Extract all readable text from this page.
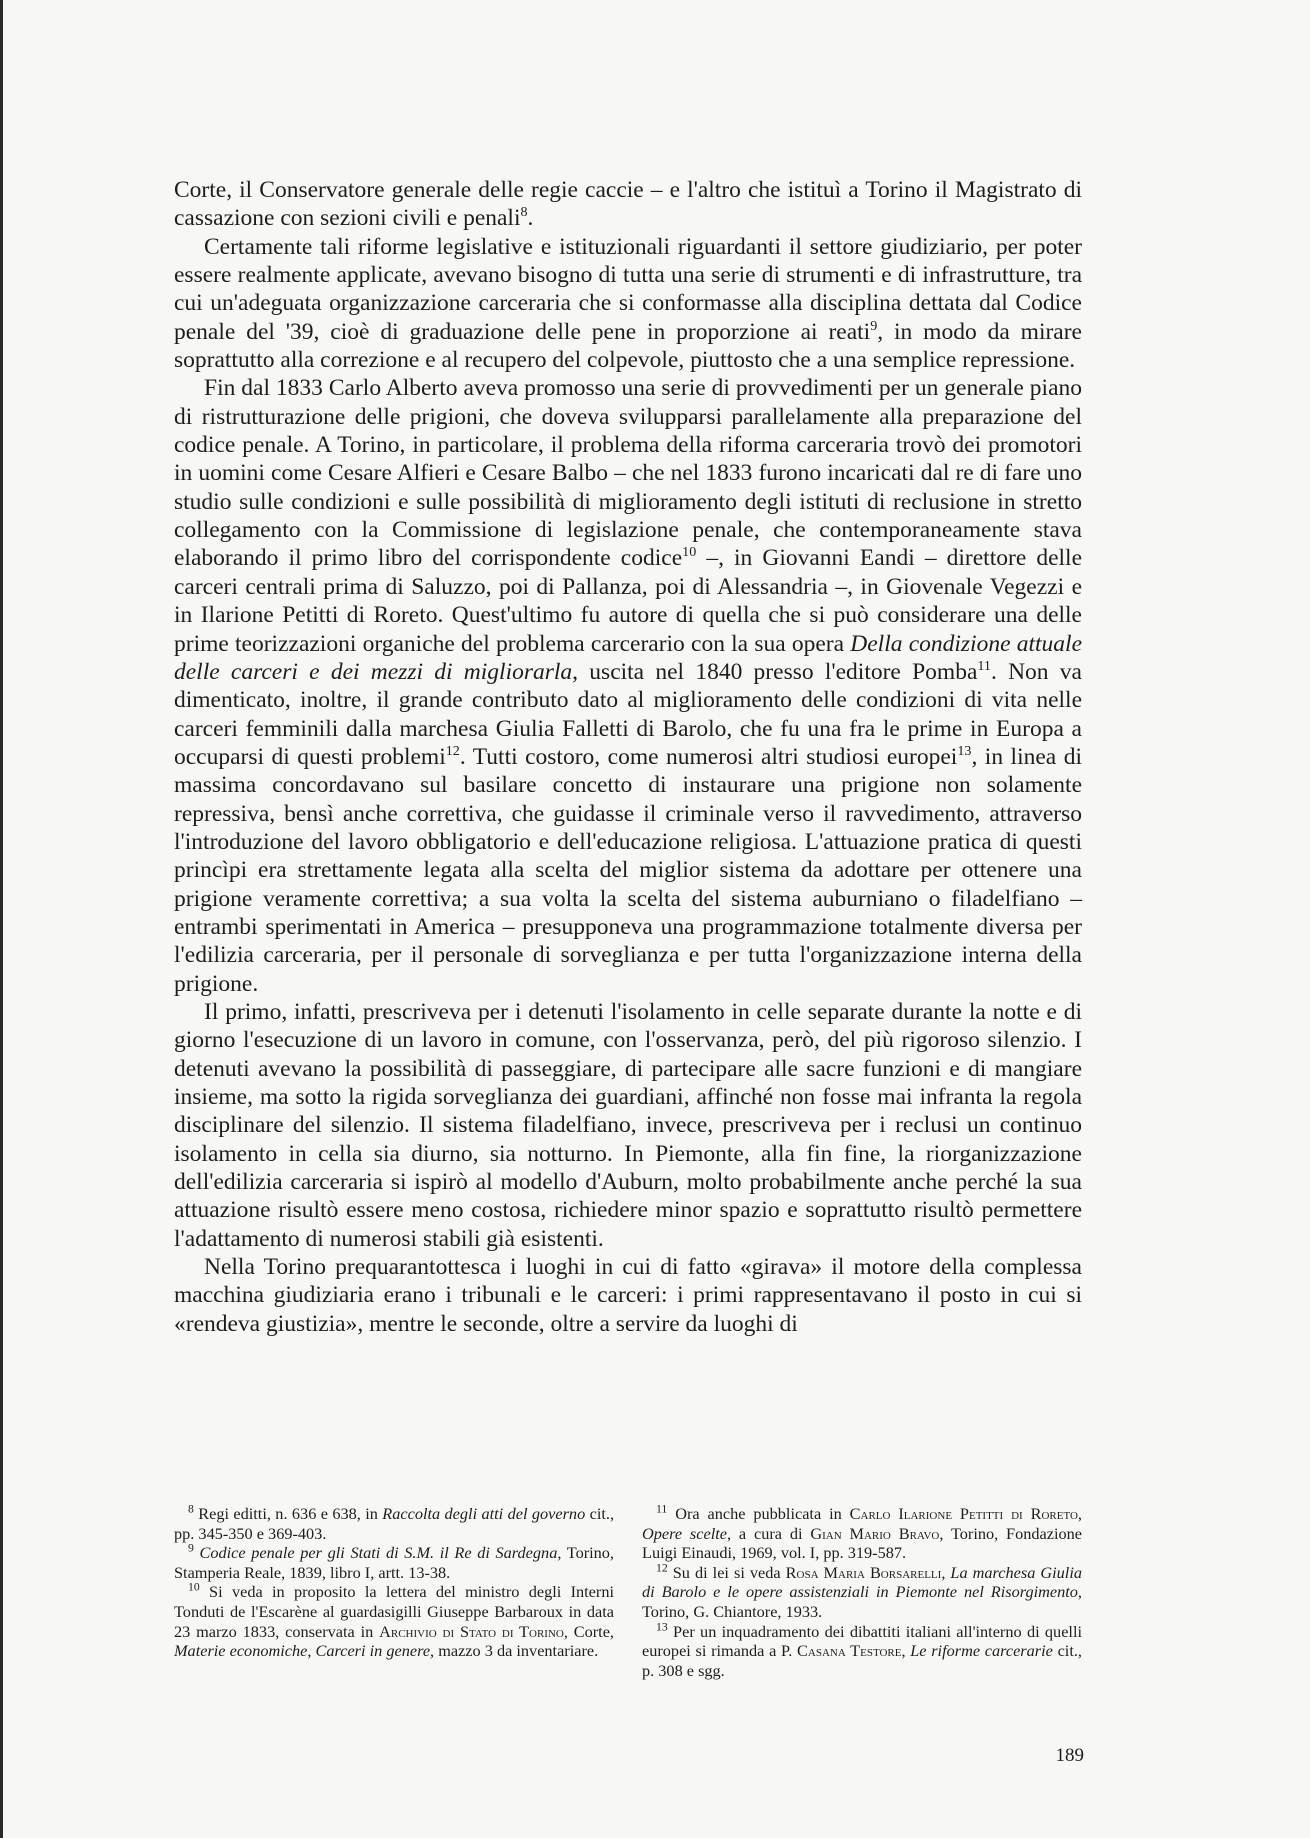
Corte, il Conservatore generale delle regie caccie – e l'altro che istituì a Torino il Magistrato di cassazione con sezioni civili e penali$^8$.

Certamente tali riforme legislative e istituzionali riguardanti il settore giudiziario, per poter essere realmente applicate, avevano bisogno di tutta una serie di strumenti e di infrastrutture, tra cui un'adeguata organizzazione carceraria che si conformasse alla disciplina dettata dal Codice penale del '39, cioè di graduazione delle pene in proporzione ai reati$^9$, in modo da mirare soprattutto alla correzione e al recupero del colpevole, piuttosto che a una semplice repressione.

Fin dal 1833 Carlo Alberto aveva promosso una serie di provvedimenti per un generale piano di ristrutturazione delle prigioni, che doveva svilupparsi parallelamente alla preparazione del codice penale. A Torino, in particolare, il problema della riforma carceraria trovò dei promotori in uomini come Cesare Alfieri e Cesare Balbo – che nel 1833 furono incaricati dal re di fare uno studio sulle condizioni e sulle possibilità di miglioramento degli istituti di reclusione in stretto collegamento con la Commissione di legislazione penale, che contemporaneamente stava elaborando il primo libro del corrispondente codice$^{10}$ –, in Giovanni Eandi – direttore delle carceri centrali prima di Saluzzo, poi di Pallanza, poi di Alessandria –, in Giovenale Vegezzi e in Ilarione Petitti di Roreto. Quest'ultimo fu autore di quella che si può considerare una delle prime teorizzazioni organiche del problema carcerario con la sua opera Della condizione attuale delle carceri e dei mezzi di migliorarla, uscita nel 1840 presso l'editore Pomba$^{11}$. Non va dimenticato, inoltre, il grande contributo dato al miglioramento delle condizioni di vita nelle carceri femminili dalla marchesa Giulia Falletti di Barolo, che fu una fra le prime in Europa a occuparsi di questi problemi$^{12}$. Tutti costoro, come numerosi altri studiosi europei$^{13}$, in linea di massima concordavano sul basilare concetto di instaurare una prigione non solamente repressiva, bensì anche correttiva, che guidasse il criminale verso il ravvedimento, attraverso l'introduzione del lavoro obbligatorio e dell'educazione religiosa. L'attuazione pratica di questi princìpi era strettamente legata alla scelta del miglior sistema da adottare per ottenere una prigione veramente correttiva; a sua volta la scelta del sistema auburniano o filadelfiano – entrambi sperimentati in America – presupponeva una programmazione totalmente diversa per l'edilizia carceraria, per il personale di sorveglianza e per tutta l'organizzazione interna della prigione.

Il primo, infatti, prescriveva per i detenuti l'isolamento in celle separate durante la notte e di giorno l'esecuzione di un lavoro in comune, con l'osservanza, però, del più rigoroso silenzio. I detenuti avevano la possibilità di passeggiare, di partecipare alle sacre funzioni e di mangiare insieme, ma sotto la rigida sorveglianza dei guardiani, affinché non fosse mai infranta la regola disciplinare del silenzio. Il sistema filadelfiano, invece, prescriveva per i reclusi un continuo isolamento in cella sia diurno, sia notturno. In Piemonte, alla fin fine, la riorganizzazione dell'edilizia carceraria si ispirò al modello d'Auburn, molto probabilmente anche perché la sua attuazione risultò essere meno costosa, richiedere minor spazio e soprattutto risultò permettere l'adattamento di numerosi stabili già esistenti.

Nella Torino prequarantottesca i luoghi in cui di fatto «girava» il motore della complessa macchina giudiziaria erano i tribunali e le carceri: i primi rappresentavano il posto in cui si «rendeva giustizia», mentre le seconde, oltre a servire da luoghi di

$^8$ Regi editti, n. 636 e 638, in Raccolta degli atti del governo cit., pp. 345-350 e 369-403.

$^9$ Codice penale per gli Stati di S.M. il Re di Sardegna, Torino, Stamperia Reale, 1839, libro I, artt. 13-38.

$^{10}$ Si veda in proposito la lettera del ministro degli Interni Tonduti de l'Escarène al guardasigilli Giuseppe Barbaroux in data 23 marzo 1833, conservata in Archivio di Stato di Torino, Corte, Materie economiche, Carceri in genere, mazzo 3 da inventariare.

$^{11}$ Ora anche pubblicata in Carlo Ilarione Petitti di Roreto, Opere scelte, a cura di Gian Mario Bravo, Torino, Fondazione Luigi Einaudi, 1969, vol. I, pp. 319-587.

$^{12}$ Su di lei si veda Rosa Maria Borsarelli, La marchesa Giulia di Barolo e le opere assistenziali in Piemonte nel Risorgimento, Torino, G. Chiantore, 1933.

$^{13}$ Per un inquadramento dei dibattiti italiani all'interno di quelli europei si rimanda a P. Casana Testore, Le riforme carcerarie cit., p. 308 e sgg.

189
